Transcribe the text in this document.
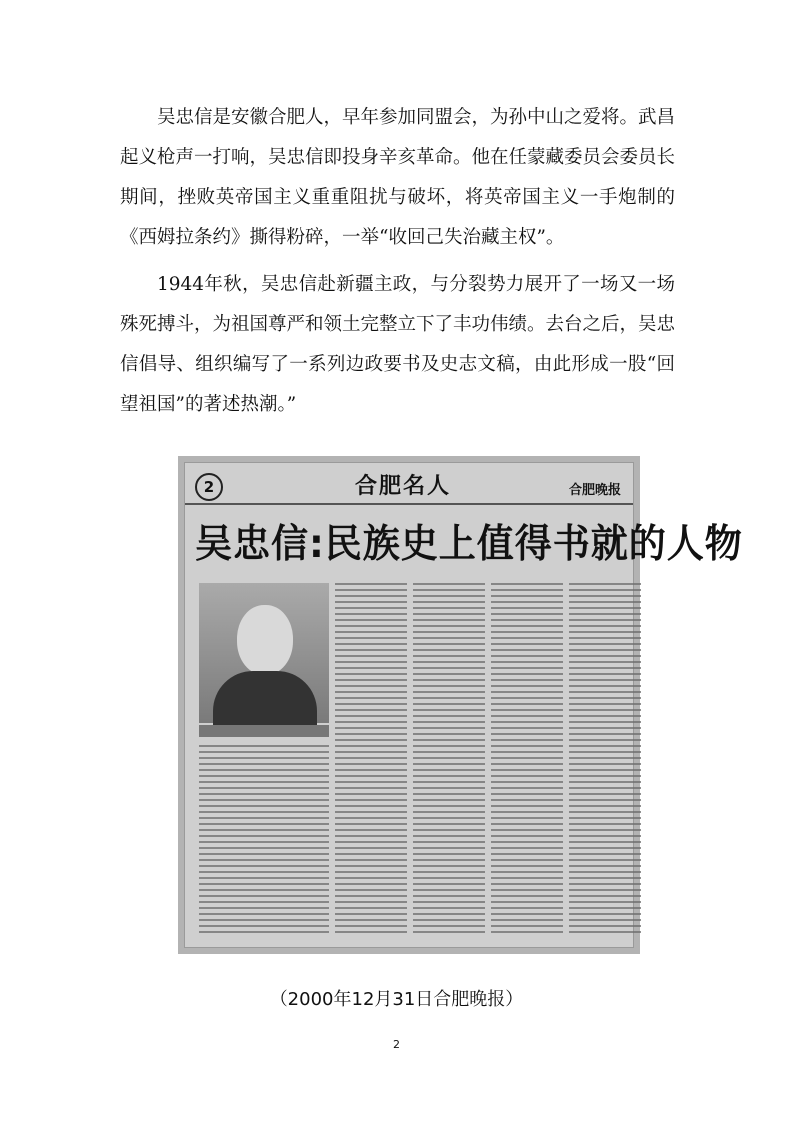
吴忠信是安徽合肥人，早年参加同盟会，为孙中山之爱将。武昌起义枪声一打响，吴忠信即投身辛亥革命。他在任蒙藏委员会委员长期间，挫败英帝国主义重重阻扰与破坏，将英帝国主义一手炮制的《西姆拉条约》撕得粉碎，一举“收回己失治藏主权”。

1944年秋，吴忠信赴新疆主政，与分裂势力展开了一场又一场殊死搏斗，为祖国尊严和领土完整立下了丰功伟绩。去台之后，吴忠信倡导、组织编写了一系列边政要书及史志文稿，由此形成一股“回望祖国”的著述热潮。”

2	合肥名人	合肥晚报
吴忠信:民族史上值得书就的人物
（2000年12月31日合肥晚报）
2
